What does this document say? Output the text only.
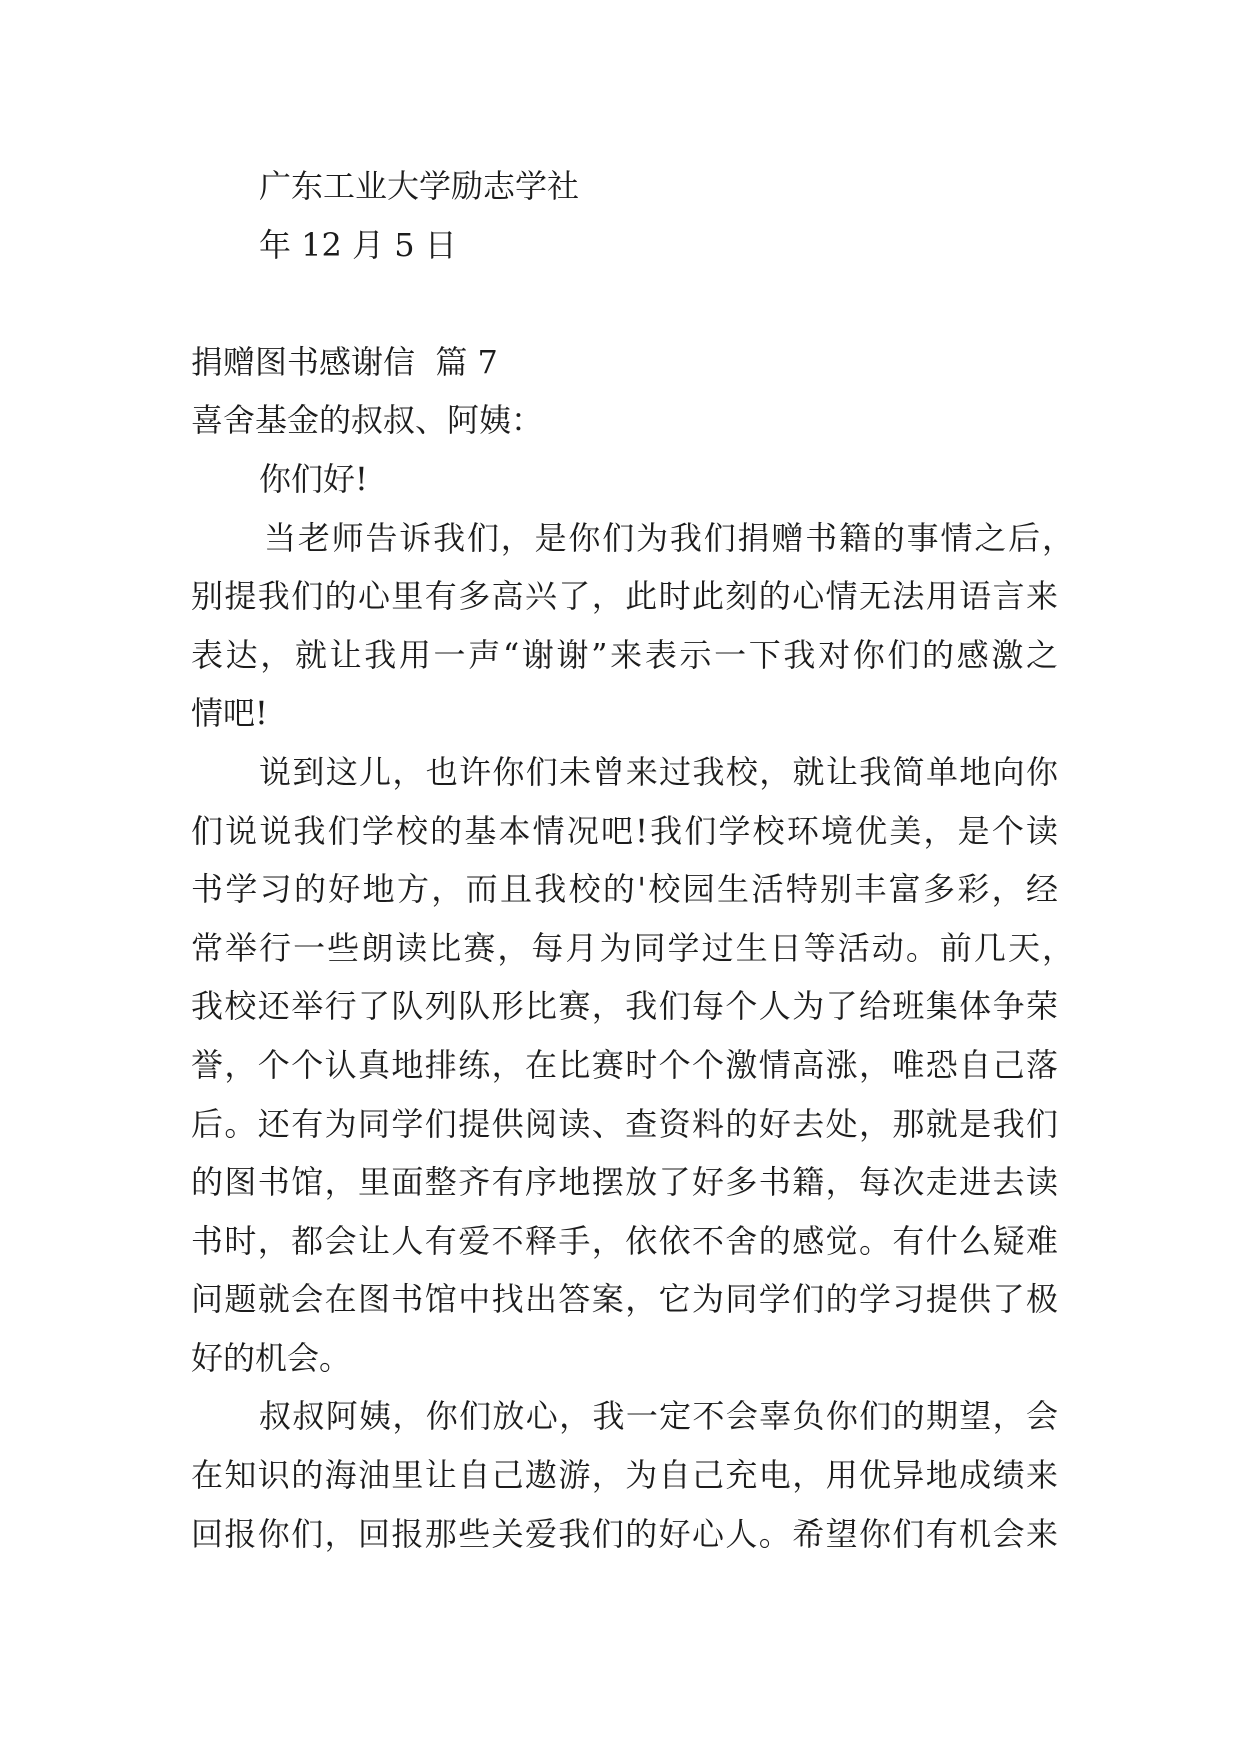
广东工业大学励志学社
年 12 月 5 日
捐赠图书感谢信  篇 7
喜舍基金的叔叔、阿姨：
你们好!
当老师告诉我们，是你们为我们捐赠书籍的事情之后，
别提我们的心里有多高兴了，此时此刻的心情无法用语言来
表达，就让我用一声“谢谢”来表示一下我对你们的感激之
情吧!
说到这儿，也许你们未曾来过我校，就让我简单地向你
们说说我们学校的基本情况吧!我们学校环境优美，是个读
书学习的好地方，而且我校的'校园生活特别丰富多彩，经
常举行一些朗读比赛，每月为同学过生日等活动。前几天，
我校还举行了队列队形比赛，我们每个人为了给班集体争荣
誉，个个认真地排练，在比赛时个个激情高涨，唯恐自己落
后。还有为同学们提供阅读、查资料的好去处，那就是我们
的图书馆，里面整齐有序地摆放了好多书籍，每次走进去读
书时，都会让人有爱不释手，依依不舍的感觉。有什么疑难
问题就会在图书馆中找出答案，它为同学们的学习提供了极
好的机会。
叔叔阿姨，你们放心，我一定不会辜负你们的期望，会
在知识的海油里让自己遨游，为自己充电，用优异地成绩来
回报你们，回报那些关爱我们的好心人。希望你们有机会来
